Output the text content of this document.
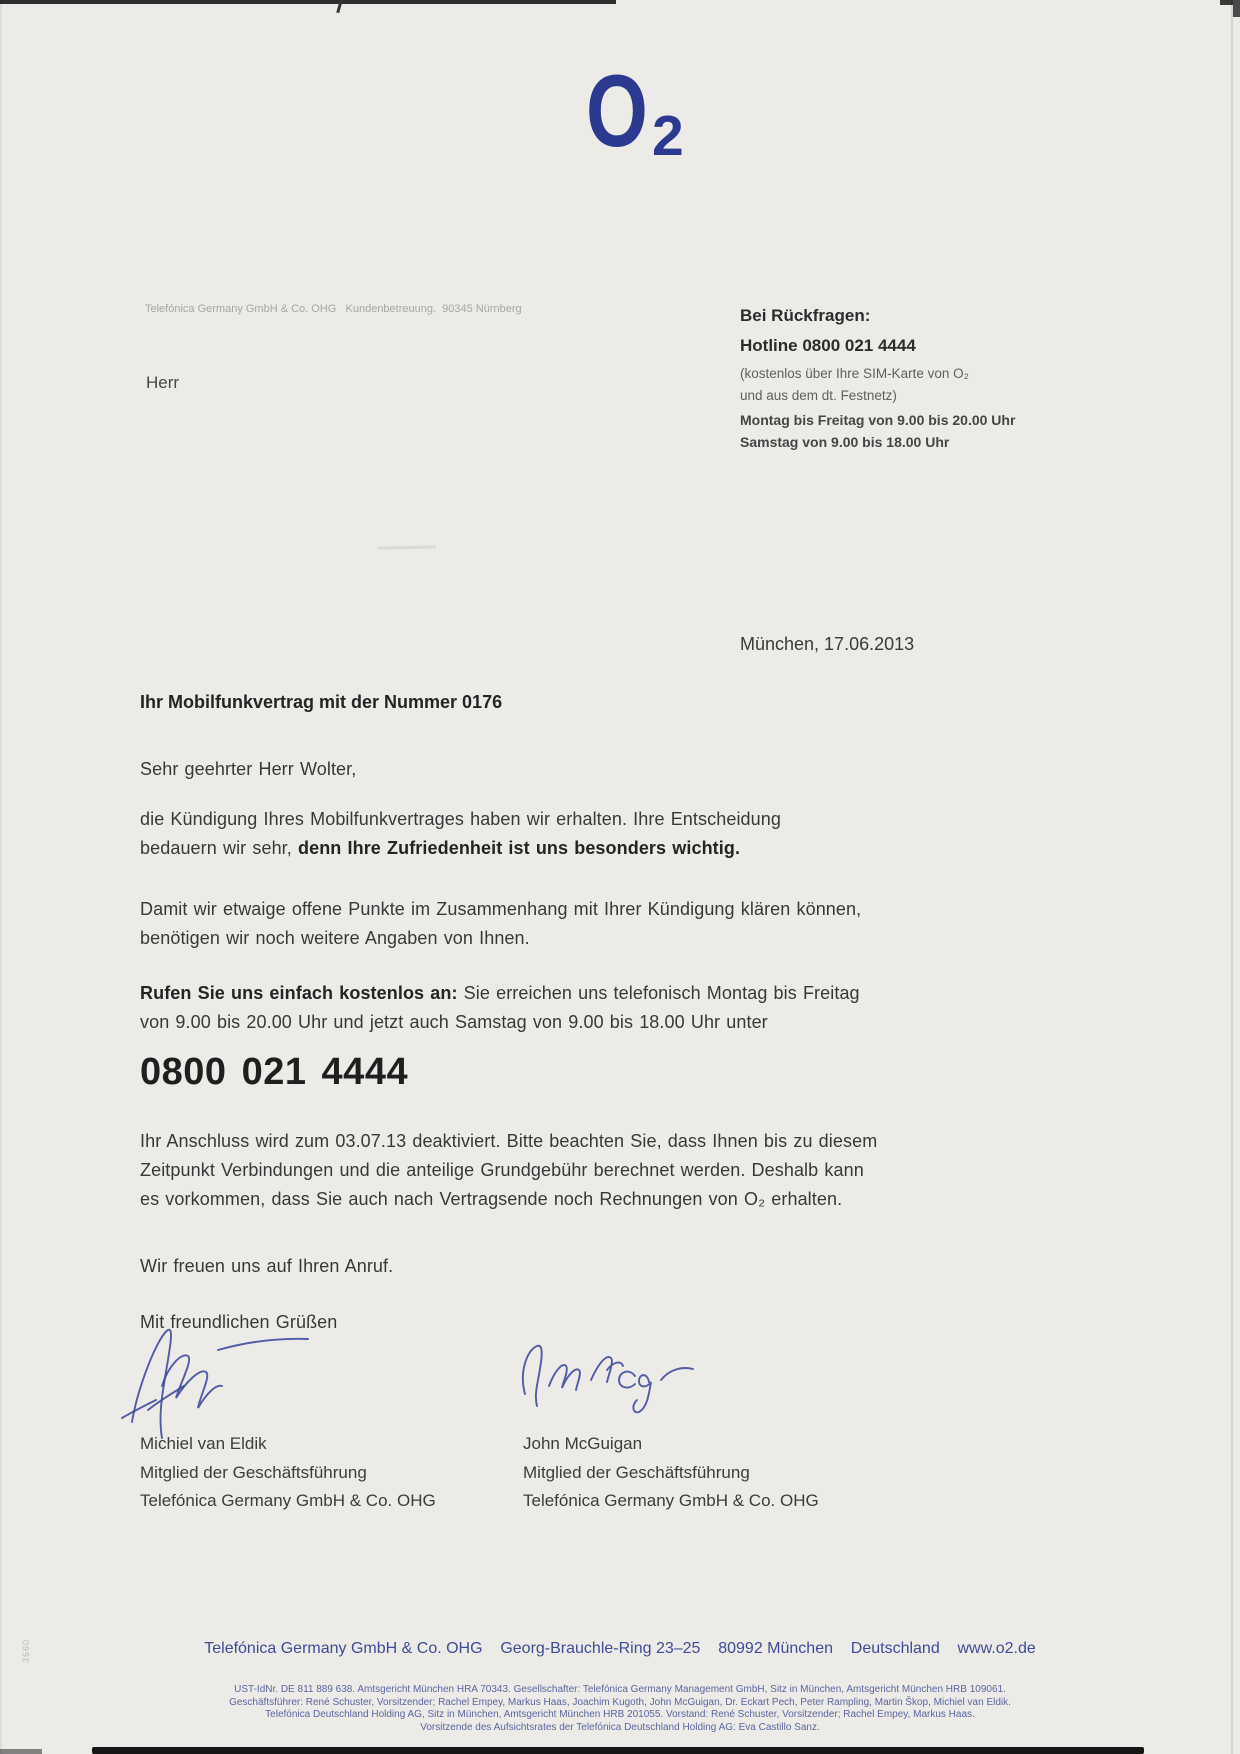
3660
O 2
Telefónica Germany GmbH & Co. OHG   Kundenbetreuung.  90345 Nürnberg
Herr
Bei Rückfragen:
Hotline 0800 021 4444
(kostenlos über Ihre SIM-Karte von O₂
und aus dem dt. Festnetz)
Montag bis Freitag von 9.00 bis 20.00 Uhr
Samstag von 9.00 bis 18.00 Uhr
München, 17.06.2013
Ihr Mobilfunkvertrag mit der Nummer 0176
Sehr geehrter Herr Wolter,
die Kündigung Ihres Mobilfunkvertrages haben wir erhalten. Ihre Entscheidung
bedauern wir sehr, denn Ihre Zufriedenheit ist uns besonders wichtig.
Damit wir etwaige offene Punkte im Zusammenhang mit Ihrer Kündigung klären können,
benötigen wir noch weitere Angaben von Ihnen.
Rufen Sie uns einfach kostenlos an: Sie erreichen uns telefonisch Montag bis Freitag
von 9.00 bis 20.00 Uhr und jetzt auch Samstag von 9.00 bis 18.00 Uhr unter
0800 021 4444
Ihr Anschluss wird zum 03.07.13 deaktiviert. Bitte beachten Sie, dass Ihnen bis zu diesem
Zeitpunkt Verbindungen und die anteilige Grundgebühr berechnet werden. Deshalb kann
es vorkommen, dass Sie auch nach Vertragsende noch Rechnungen von O₂ erhalten.
Wir freuen uns auf Ihren Anruf.
Mit freundlichen Grüßen
Michiel van Eldik
Mitglied der Geschäftsführung
Telefónica Germany GmbH & Co. OHG
John McGuigan
Mitglied der Geschäftsführung
Telefónica Germany GmbH & Co. OHG
Telefónica Germany GmbH & Co. OHG    Georg-Brauchle-Ring 23–25    80992 München    Deutschland    www.o2.de
UST-IdNr. DE 811 889 638. Amtsgericht München HRA 70343. Gesellschafter: Telefónica Germany Management GmbH, Sitz in München, Amtsgericht München HRB 109061.
Geschäftsführer: René Schuster, Vorsitzender; Rachel Empey, Markus Haas, Joachim Kugoth, John McGuigan, Dr. Eckart Pech, Peter Rampling, Martin Škop, Michiel van Eldik.
Telefónica Deutschland Holding AG, Sitz in München, Amtsgericht München HRB 201055. Vorstand: René Schuster, Vorsitzender; Rachel Empey, Markus Haas.
Vorsitzende des Aufsichtsrates der Telefónica Deutschland Holding AG: Eva Castillo Sanz.
